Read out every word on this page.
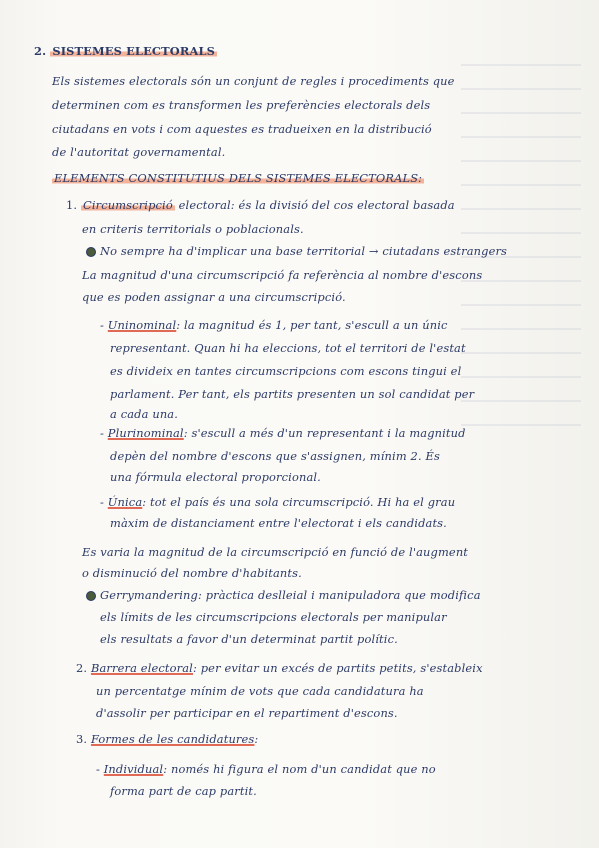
2. SISTEMES ELECTORALS
Els sistemes electorals són un conjunt de regles i procediments que
determinen com es transformen les preferències electorals dels
ciutadans en vots i com aquestes es tradueixen en la distribució
de l'autoritat governamental.
ELEMENTS CONSTITUTIUS DELS SISTEMES ELECTORALS:
1. Circumscripció electoral: és la divisió del cos electoral basada
en criteris territorials o poblacionals.
No sempre ha d'implicar una base territorial → ciutadans estrangers
La magnitud d'una circumscripció fa referència al nombre d'escons
que es poden assignar a una circumscripció.
- Uninominal: la magnitud és 1, per tant, s'escull a un únic
representant. Quan hi ha eleccions, tot el territori de l'estat
es divideix en tantes circumscripcions com escons tingui el
parlament. Per tant, els partits presenten un sol candidat per
a cada una.
- Plurinominal: s'escull a més d'un representant i la magnitud
depèn del nombre d'escons que s'assignen, mínim 2. És
una fórmula electoral proporcional.
- Única: tot el país és una sola circumscripció. Hi ha el grau
màxim de distanciament entre l'electorat i els candidats.
Es varia la magnitud de la circumscripció en funció de l'augment
o disminució del nombre d'habitants.
Gerrymandering: pràctica deslleial i manipuladora que modifica
els límits de les circumscripcions electorals per manipular
els resultats a favor d'un determinat partit polític.
2. Barrera electoral: per evitar un excés de partits petits, s'estableix
un percentatge mínim de vots que cada candidatura ha
d'assolir per participar en el repartiment d'escons.
3. Formes de les candidatures:
- Individual: només hi figura el nom d'un candidat que no
forma part de cap partit.
